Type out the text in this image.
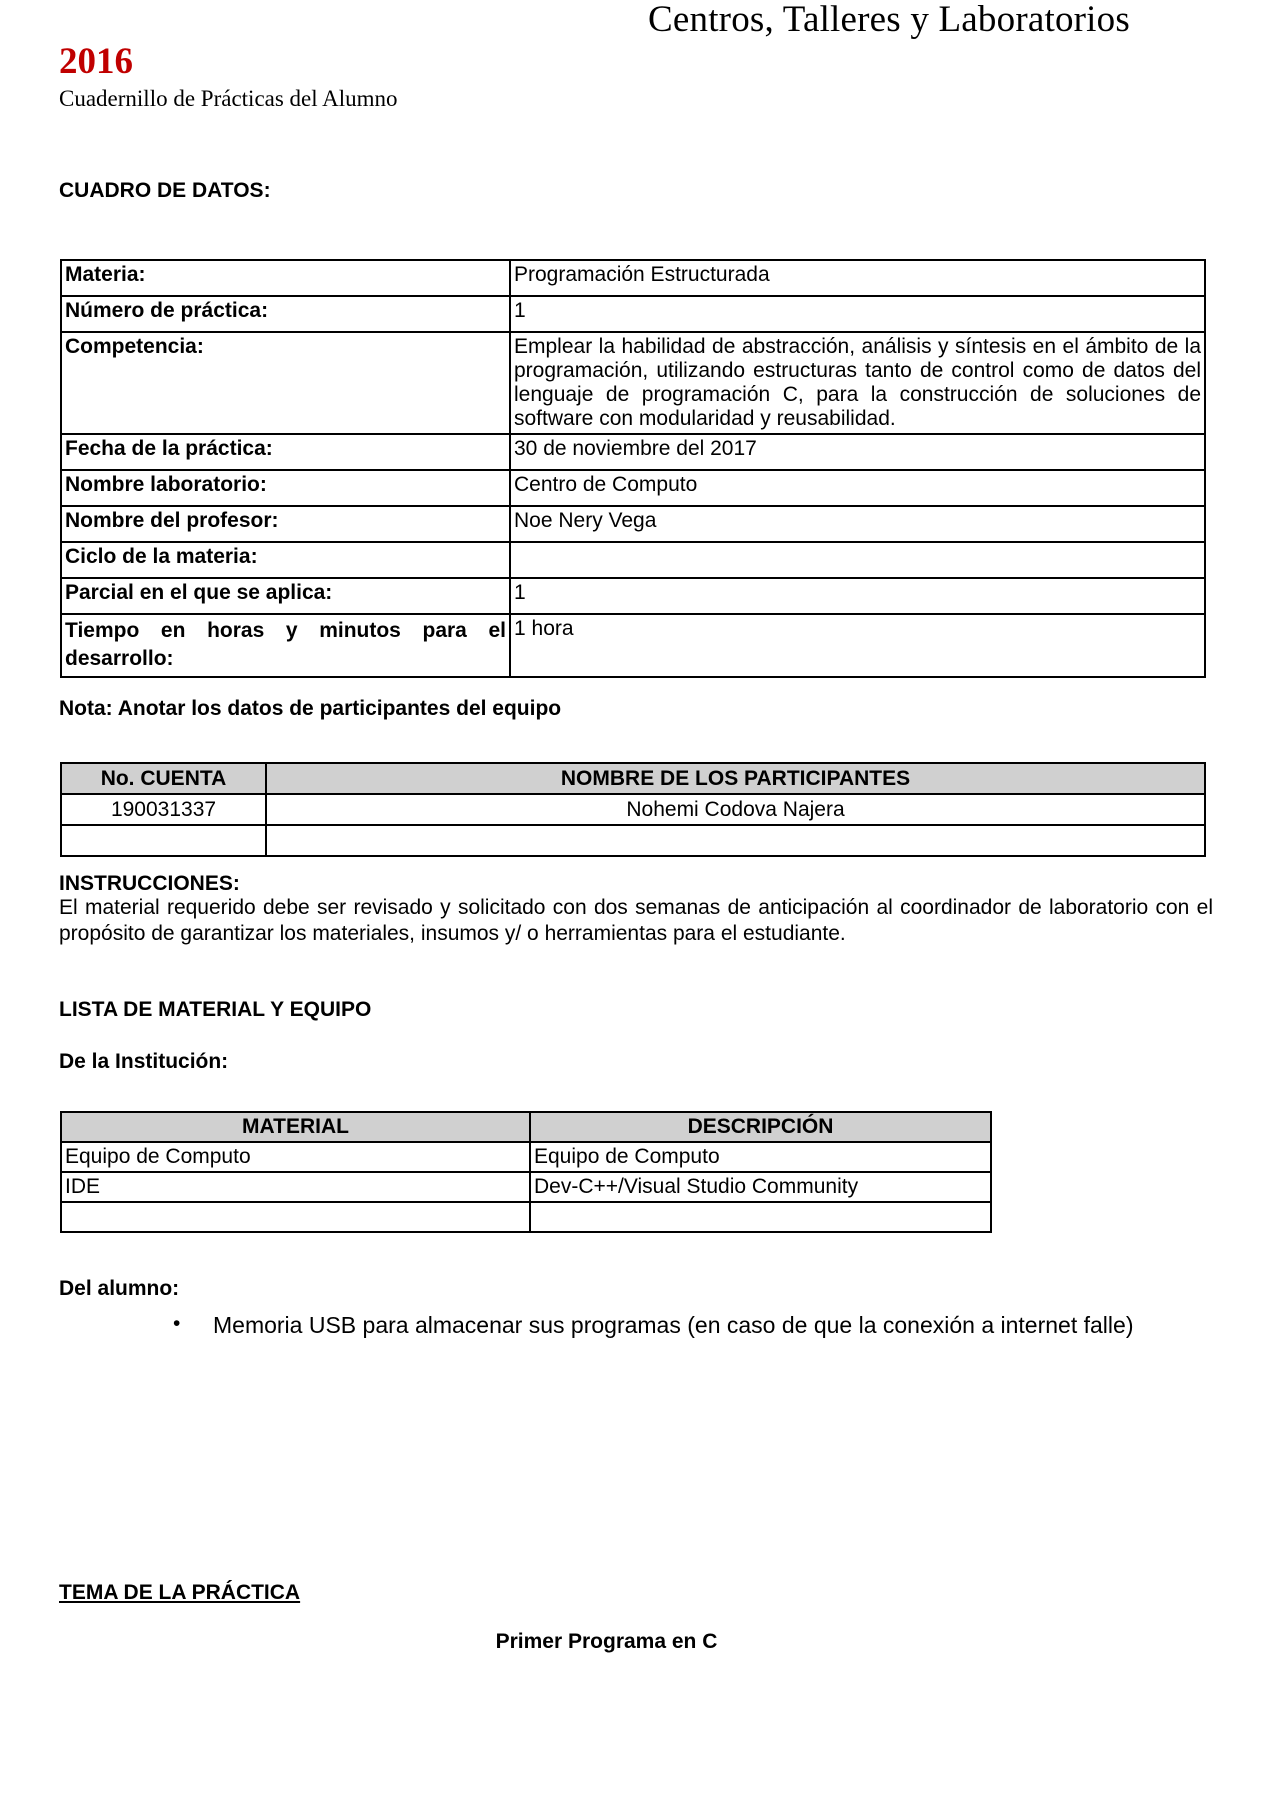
Centros, Talleres y Laboratorios
2016
Cuadernillo de Prácticas del Alumno
CUADRO DE DATOS:
Materia:	Programación Estructurada
Número de práctica:	1
Competencia:	Emplear la habilidad de abstracción, análisis y síntesis en el ámbito de la programación, utilizando estructuras tanto de control como de datos del lenguaje de programación C, para la construcción de soluciones de software con modularidad y reusabilidad.
Fecha de la práctica:	30 de noviembre del 2017
Nombre laboratorio:	Centro de Computo
Nombre del profesor:	Noe Nery Vega
Ciclo de la materia:	
Parcial en el que se aplica:	1
Tiempo en horas y minutos para el desarrollo:	1 hora
Nota: Anotar los datos de participantes del equipo
No. CUENTA	NOMBRE DE LOS PARTICIPANTES
190031337	Nohemi Codova Najera

INSTRUCCIONES:
El material requerido debe ser revisado y solicitado con dos semanas de anticipación al coordinador de laboratorio con el propósito de garantizar los materiales, insumos y/ o herramientas para el estudiante.
LISTA DE MATERIAL Y EQUIPO
De la Institución:
MATERIAL	DESCRIPCIÓN
Equipo de Computo	Equipo de Computo
IDE	Dev-C++/Visual Studio Community

Del alumno:
• Memoria USB para almacenar sus programas (en caso de que la conexión a internet falle)
TEMA DE LA PRÁCTICA
Primer Programa en C
